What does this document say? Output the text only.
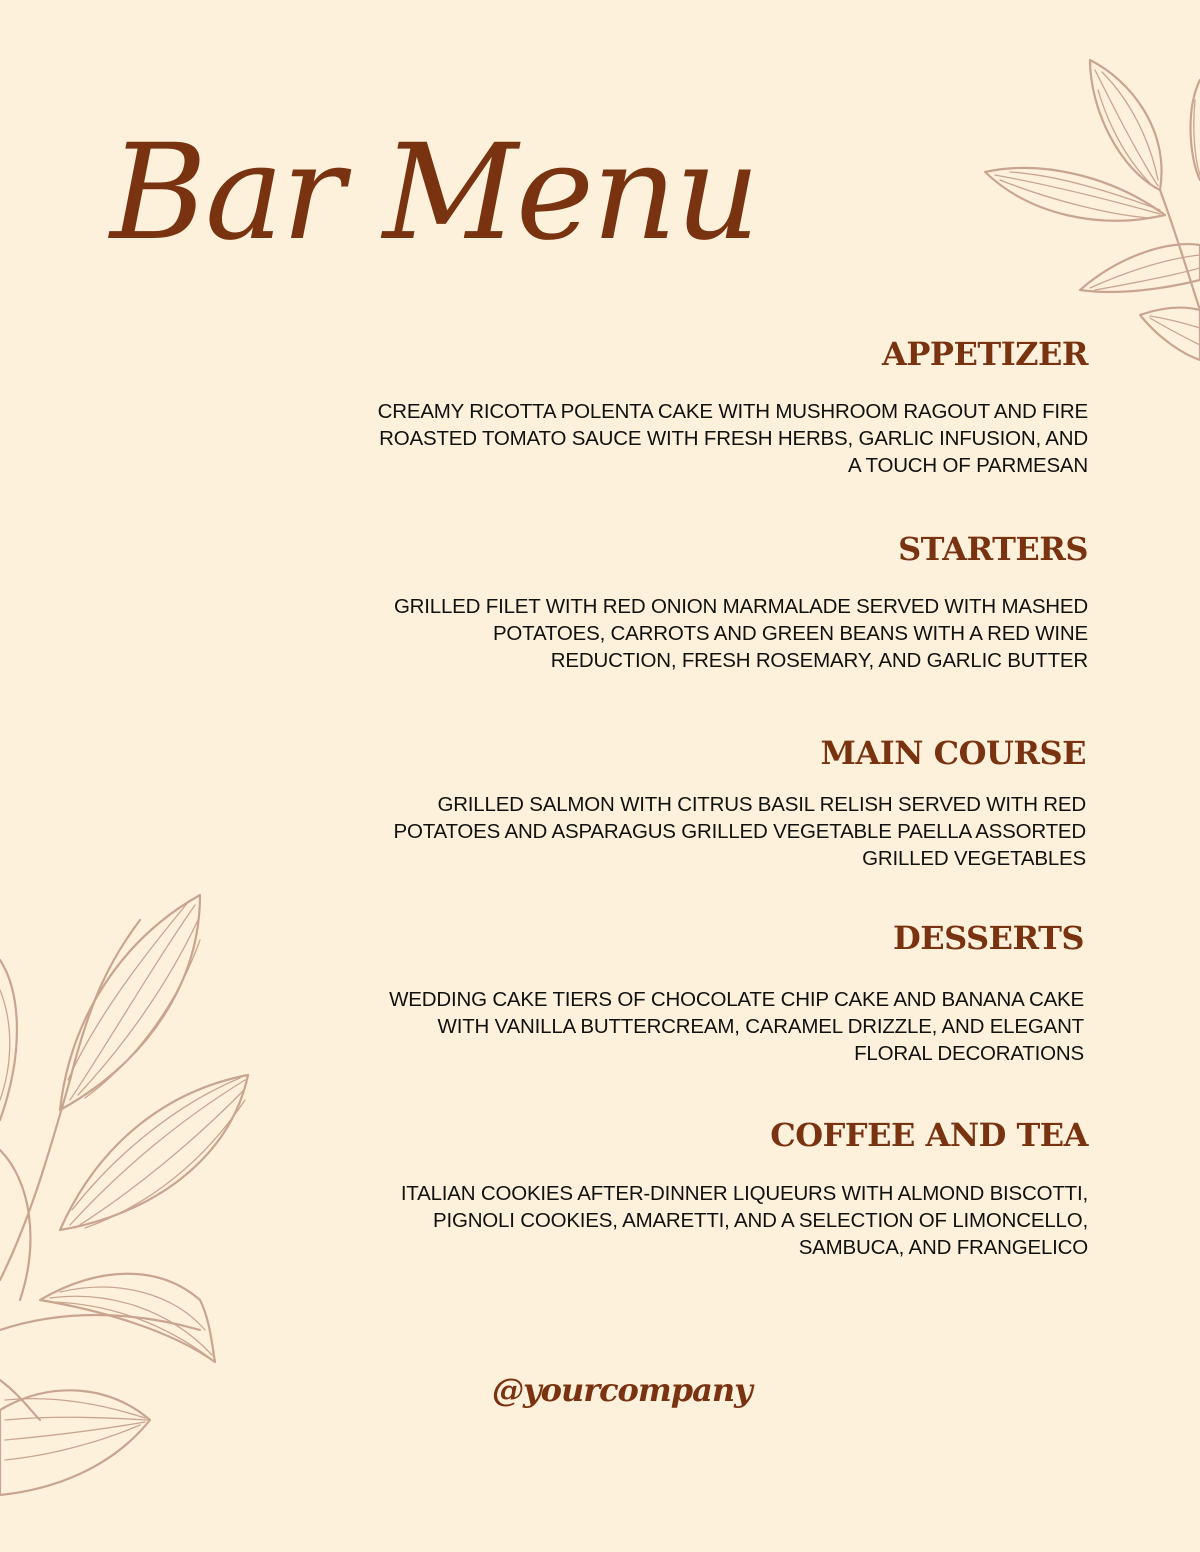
Bar Menu
APPETIZER

CREAMY RICOTTA POLENTA CAKE WITH MUSHROOM RAGOUT AND FIRE ROASTED TOMATO SAUCE WITH FRESH HERBS, GARLIC INFUSION, AND A TOUCH OF PARMESAN

STARTERS

GRILLED FILET WITH RED ONION MARMALADE SERVED WITH MASHED POTATOES, CARROTS AND GREEN BEANS WITH A RED WINE REDUCTION, FRESH ROSEMARY, AND GARLIC BUTTER

MAIN COURSE

GRILLED SALMON WITH CITRUS BASIL RELISH SERVED WITH RED POTATOES AND ASPARAGUS GRILLED VEGETABLE PAELLA ASSORTED GRILLED VEGETABLES

DESSERTS

WEDDING CAKE TIERS OF CHOCOLATE CHIP CAKE AND BANANA CAKE WITH VANILLA BUTTERCREAM, CARAMEL DRIZZLE, AND ELEGANT FLORAL DECORATIONS

COFFEE AND TEA

ITALIAN COOKIES AFTER-DINNER LIQUEURS WITH ALMOND BISCOTTI, PIGNOLI COOKIES, AMARETTI, AND A SELECTION OF LIMONCELLO, SAMBUCA, AND FRANGELICO

@yourcompany
